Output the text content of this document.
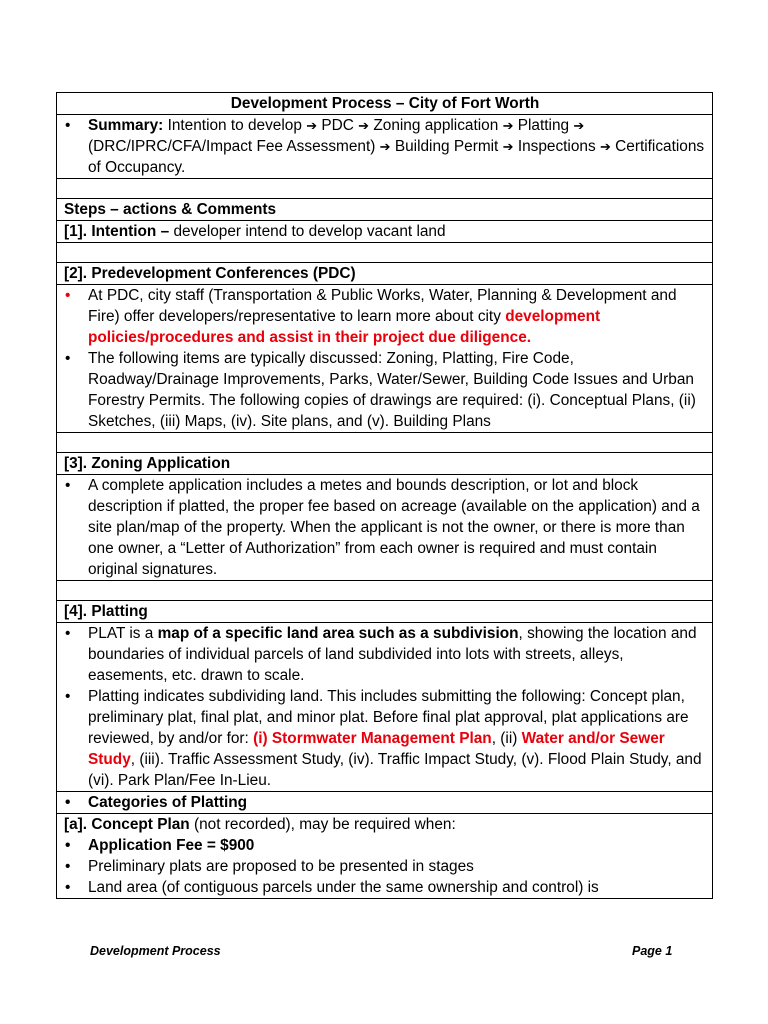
Development Process – City of Fort Worth

• Summary: Intention to develop ➔ PDC ➔ Zoning application ➔ Platting ➔ (DRC/IPRC/CFA/Impact Fee Assessment) ➔ Building Permit ➔ Inspections ➔ Certifications of Occupancy.

Steps – actions & Comments
[1]. Intention – developer intend to develop vacant land

[2]. Predevelopment Conferences (PDC)

• At PDC, city staff (Transportation & Public Works, Water, Planning & Development and Fire) offer developers/representative to learn more about city development policies/procedures and assist in their project due diligence.
• The following items are typically discussed: Zoning, Platting, Fire Code, Roadway/Drainage Improvements, Parks, Water/Sewer, Building Code Issues and Urban Forestry Permits. The following copies of drawings are required: (i). Conceptual Plans, (ii) Sketches, (iii) Maps, (iv). Site plans, and (v). Building Plans

[3]. Zoning Application

• A complete application includes a metes and bounds description, or lot and block description if platted, the proper fee based on acreage (available on the application) and a site plan/map of the property. When the applicant is not the owner, or there is more than one owner, a “Letter of Authorization” from each owner is required and must contain original signatures.

[4]. Platting

• PLAT is a map of a specific land area such as a subdivision, showing the location and boundaries of individual parcels of land subdivided into lots with streets, alleys, easements, etc. drawn to scale.
• Platting indicates subdividing land. This includes submitting the following: Concept plan, preliminary plat, final plat, and minor plat. Before final plat approval, plat applications are reviewed, by and/or for: (i) Stormwater Management Plan, (ii) Water and/or Sewer Study, (iii). Traffic Assessment Study, (iv). Traffic Impact Study, (v). Flood Plain Study, and (vi). Park Plan/Fee In-Lieu.

• Categories of Platting

[a]. Concept Plan (not recorded), may be required when:
• Application Fee = $900
• Preliminary plats are proposed to be presented in stages
• Land area (of contiguous parcels under the same ownership and control) is
Development Process	Page 1
